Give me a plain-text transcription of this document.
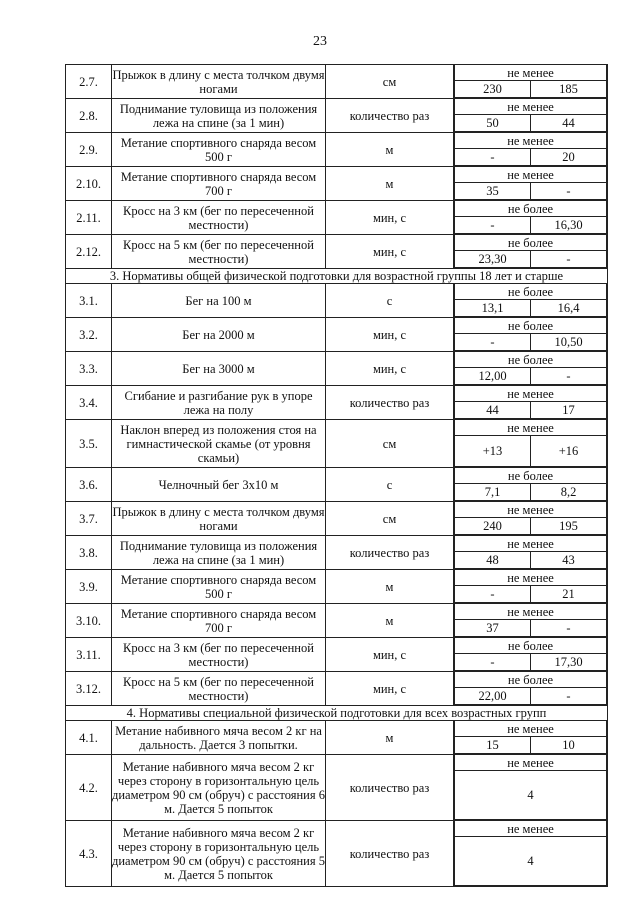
23
2.7.	Прыжок в длину с места толчком двумя ногами	см	
не менее
230	185

2.8.	Поднимание туловища из положения лежа на спине (за 1 мин)	количество раз	
не менее
50	44

2.9.	Метание спортивного снаряда весом 500 г	м	
не менее
-	20

2.10.	Метание спортивного снаряда весом 700 г	м	
не менее
35	-

2.11.	Кросс на 3 км (бег по пересеченной местности)	мин, с	
не более
-	16,30

2.12.	Кросс на 5 км (бег по пересеченной местности)	мин, с	
не более
23,30	-

3. Нормативы общей физической подготовки для возрастной группы 18 лет и старше
3.1.	Бег на 100 м	с	
не более
13,1	16,4

3.2.	Бег на 2000 м	мин, с	
не более
-	10,50

3.3.	Бег на 3000 м	мин, с	
не более
12,00	-

3.4.	Сгибание и разгибание рук в упоре лежа на полу	количество раз	
не менее
44	17

3.5.	Наклон вперед из положения стоя на гимнастической скамье (от уровня скамьи)	см	
не менее
+13	+16

3.6.	Челночный бег 3х10 м	с	
не более
7,1	8,2

3.7.	Прыжок в длину с места толчком двумя ногами	см	
не менее
240	195

3.8.	Поднимание туловища из положения лежа на спине (за 1 мин)	количество раз	
не менее
48	43

3.9.	Метание спортивного снаряда весом 500 г	м	
не менее
-	21

3.10.	Метание спортивного снаряда весом 700 г	м	
не менее
37	-

3.11.	Кросс на 3 км (бег по пересеченной местности)	мин, с	
не более
-	17,30

3.12.	Кросс на 5 км (бег по пересеченной местности)	мин, с	
не более
22,00	-

4. Нормативы специальной физической подготовки для всех возрастных групп
4.1.	Метание набивного мяча весом 2 кг на дальность. Дается 3 попытки.	м	
не менее
15	10

4.2.	Метание набивного мяча весом 2 кг через сторону в горизонтальную цель диаметром 90 см (обруч) с расстояния 6 м. Дается 5 попыток	количество раз	
не менее
4

4.3.	Метание набивного мяча весом 2 кг через сторону в горизонтальную цель диаметром 90 см (обруч) с расстояния 5 м. Дается 5 попыток	количество раз	
не менее
4
